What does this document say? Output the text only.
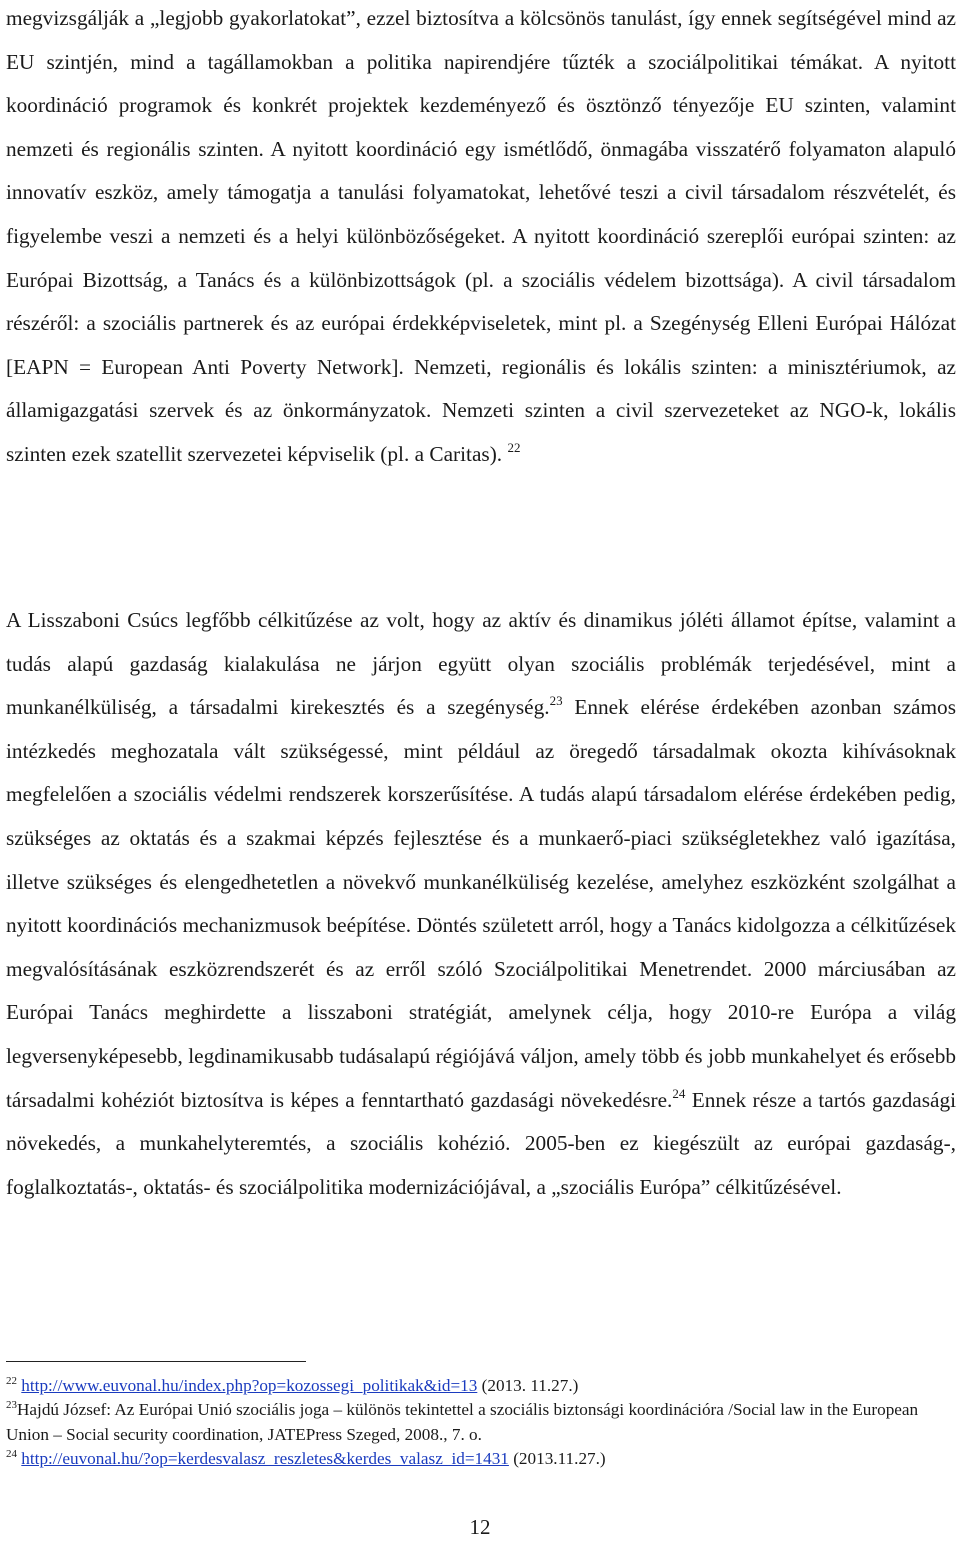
megvizsgálják a „legjobb gyakorlatokat”, ezzel biztosítva a kölcsönös tanulást, így ennek segítségével mind az EU szintjén, mind a tagállamokban a politika napirendjére tűzték a szociálpolitikai témákat. A nyitott koordináció programok és konkrét projektek kezdeményező és ösztönző tényezője EU szinten, valamint nemzeti és regionális szinten. A nyitott koordináció egy ismétlődő, önmagába visszatérő folyamaton alapuló innovatív eszköz, amely támogatja a tanulási folyamatokat, lehetővé teszi a civil társadalom részvételét, és figyelembe veszi a nemzeti és a helyi különbözőségeket. A nyitott koordináció szereplői európai szinten: az Európai Bizottság, a Tanács és a különbizottságok (pl. a szociális védelem bizottsága). A civil társadalom részéről: a szociális partnerek és az európai érdekképviseletek, mint pl. a Szegénység Elleni Európai Hálózat [EAPN = European Anti Poverty Network]. Nemzeti, regionális és lokális szinten: a minisztériumok, az államigazgatási szervek és az önkormányzatok. Nemzeti szinten a civil szervezeteket az NGO-k, lokális szinten ezek szatellit szervezetei képviselik (pl. a Caritas). $^{22}$

A Lisszaboni Csúcs legfőbb célkitűzése az volt, hogy az aktív és dinamikus jóléti államot építse, valamint a tudás alapú gazdaság kialakulása ne járjon együtt olyan szociális problémák terjedésével, mint a munkanélküliség, a társadalmi kirekesztés és a szegénység.$^{23}$ Ennek elérése érdekében azonban számos intézkedés meghozatala vált szükségessé, mint például az öregedő társadalmak okozta kihívásoknak megfelelően a szociális védelmi rendszerek korszerűsítése. A tudás alapú társadalom elérése érdekében pedig, szükséges az oktatás és a szakmai képzés fejlesztése és a munkaerő-piaci szükségletekhez való igazítása, illetve szükséges és elengedhetetlen a növekvő munkanélküliség kezelése, amelyhez eszközként szolgálhat a nyitott koordinációs mechanizmusok beépítése. Döntés született arról, hogy a Tanács kidolgozza a célkitűzések megvalósításának eszközrendszerét és az erről szóló Szociálpolitikai Menetrendet. 2000 márciusában az Európai Tanács meghirdette a lisszaboni stratégiát, amelynek célja, hogy 2010-re Európa a világ legversenyképesebb, legdinamikusabb tudásalapú régiójává váljon, amely több és jobb munkahelyet és erősebb társadalmi kohéziót biztosítva is képes a fenntartható gazdasági növekedésre.$^{24}$ Ennek része a tartós gazdasági növekedés, a munkahelyteremtés, a szociális kohézió. 2005-ben ez kiegészült az európai gazdaság-, foglalkoztatás-, oktatás- és szociálpolitika modernizációjával, a „szociális Európa” célkitűzésével.

$^{22}$ http://www.euvonal.hu/index.php?op=kozossegi_politikak&id=13 (2013. 11.27.)

$^{23}$Hajdú József: Az Európai Unió szociális joga – különös tekintettel a szociális biztonsági koordinációra /Social law in the European Union – Social security coordination, JATEPress Szeged, 2008., 7. o.

$^{24}$ http://euvonal.hu/?op=kerdesvalasz_reszletes&kerdes_valasz_id=1431 (2013.11.27.)

12
